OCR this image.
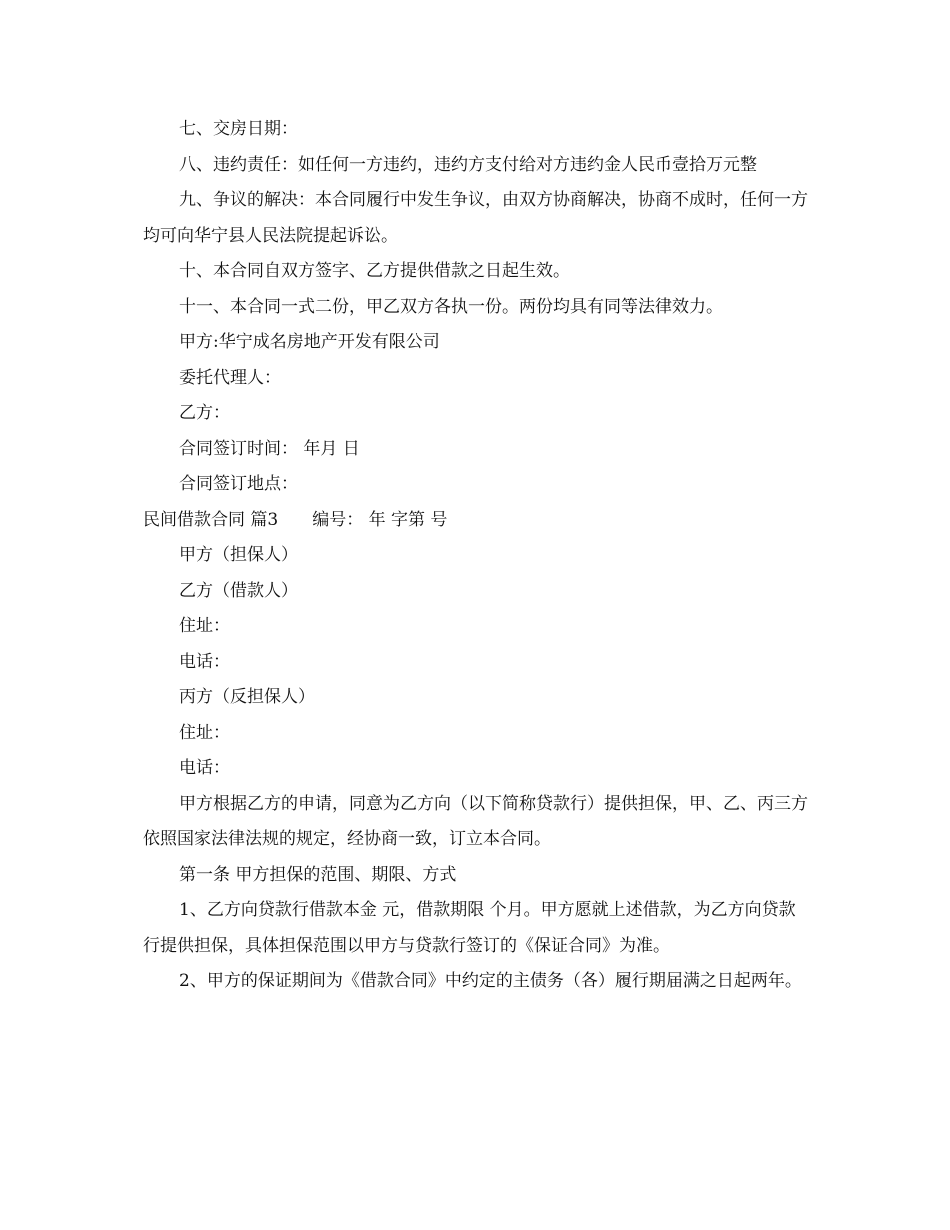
七、交房日期：

八、违约责任：如任何一方违约，违约方支付给对方违约金人民币壹拾万元整

九、争议的解决：本合同履行中发生争议，由双方协商解决，协商不成时，任何一方均可向华宁县人民法院提起诉讼。

十、本合同自双方签字、乙方提供借款之日起生效。

十一、本合同一式二份，甲乙双方各执一份。两份均具有同等法律效力。

甲方:华宁成名房地产开发有限公司

委托代理人：

乙方：

合同签订时间： 年月 日

合同签订地点：

民间借款合同 篇3　　编号： 年 字第 号

甲方（担保人）

乙方（借款人）

住址：

电话：

丙方（反担保人）

住址：

电话：

甲方根据乙方的申请，同意为乙方向（以下简称贷款行）提供担保，甲、乙、丙三方依照国家法律法规的规定，经协商一致，订立本合同。

第一条 甲方担保的范围、期限、方式

1、乙方向贷款行借款本金 元，借款期限 个月。甲方愿就上述借款，为乙方向贷款行提供担保，具体担保范围以甲方与贷款行签订的《保证合同》为准。

2、甲方的保证期间为《借款合同》中约定的主债务（各）履行期届满之日起两年。
